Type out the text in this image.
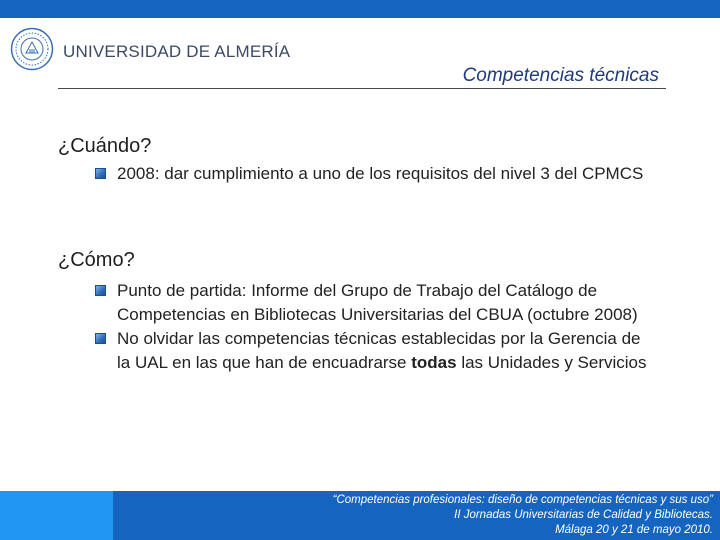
UNIVERSIDAD DE ALMERÍA
Competencias técnicas
¿Cuándo?
2008: dar cumplimiento a uno de los requisitos del nivel 3 del CPMCS
¿Cómo?
Punto de partida: Informe del Grupo de Trabajo del Catálogo de Competencias en Bibliotecas Universitarias del CBUA (octubre 2008)
No olvidar las competencias técnicas establecidas por la Gerencia de la UAL en las que han de encuadrarse todas las Unidades y Servicios
“Competencias profesionales: diseño de competencias técnicas y sus uso”
II Jornadas Universitarias de Calidad y Bibliotecas.
Málaga 20 y 21 de mayo 2010.
